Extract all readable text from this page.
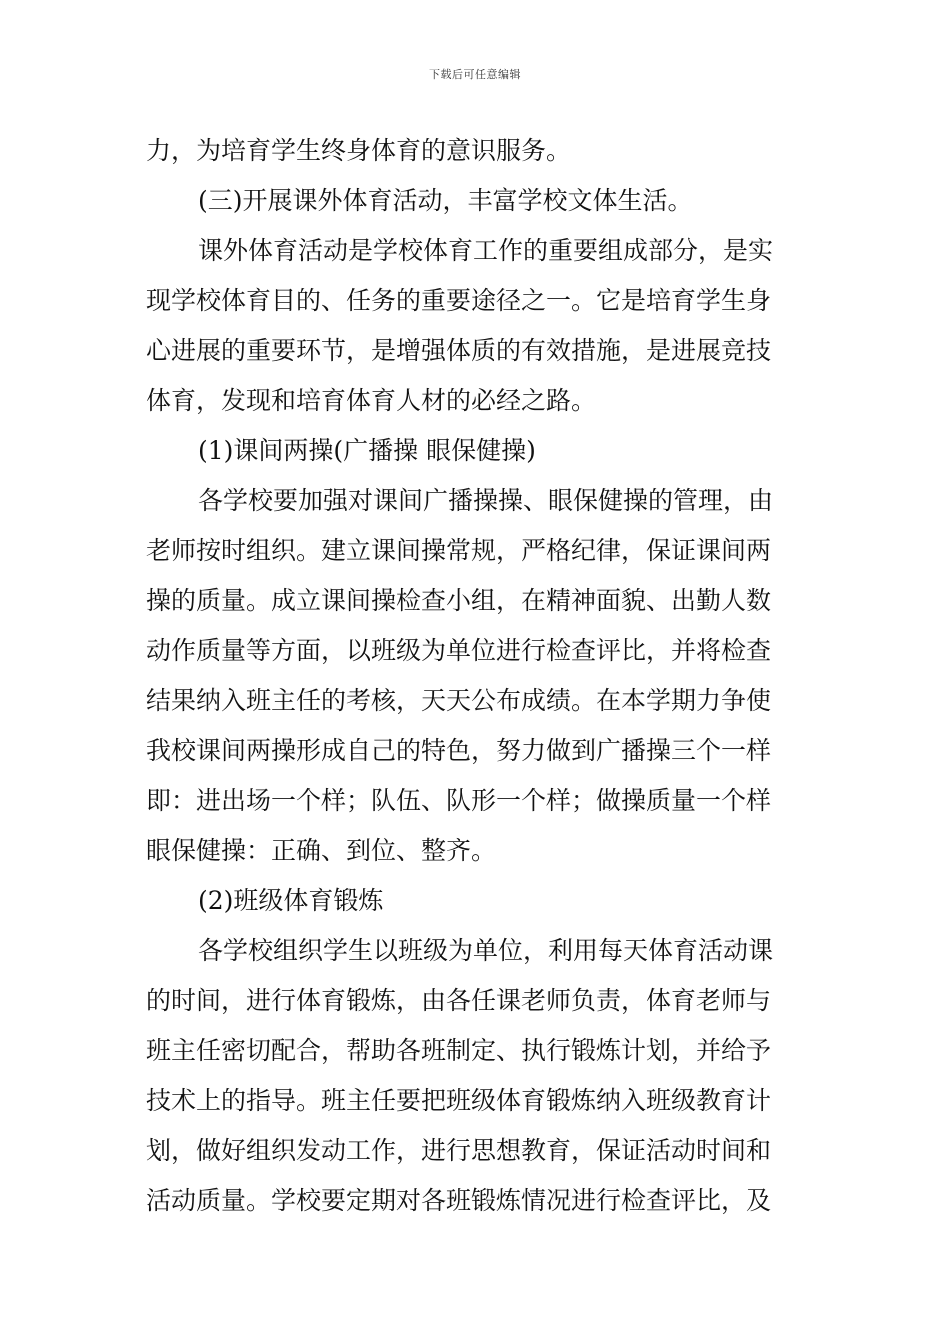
下载后可任意编辑
力，为培育学生终身体育的意识服务。
(三)开展课外体育活动，丰富学校文体生活。
课外体育活动是学校体育工作的重要组成部分，是实
现学校体育目的、任务的重要途径之一。它是培育学生身
心进展的重要环节，是增强体质的有效措施，是进展竞技
体育，发现和培育体育人材的必经之路。
(1)课间两操(广播操 眼保健操)
各学校要加强对课间广播操操、眼保健操的管理，由
老师按时组织。建立课间操常规，严格纪律，保证课间两
操的质量。成立课间操检查小组，在精神面貌、出勤人数
动作质量等方面，以班级为单位进行检查评比，并将检查
结果纳入班主任的考核，天天公布成绩。在本学期力争使
我校课间两操形成自己的特色，努力做到广播操三个一样
即：进出场一个样；队伍、队形一个样；做操质量一个样
眼保健操：正确、到位、整齐。
(2)班级体育锻炼
各学校组织学生以班级为单位，利用每天体育活动课
的时间，进行体育锻炼，由各任课老师负责，体育老师与
班主任密切配合，帮助各班制定、执行锻炼计划，并给予
技术上的指导。班主任要把班级体育锻炼纳入班级教育计
划，做好组织发动工作，进行思想教育，保证活动时间和
活动质量。学校要定期对各班锻炼情况进行检查评比，及
